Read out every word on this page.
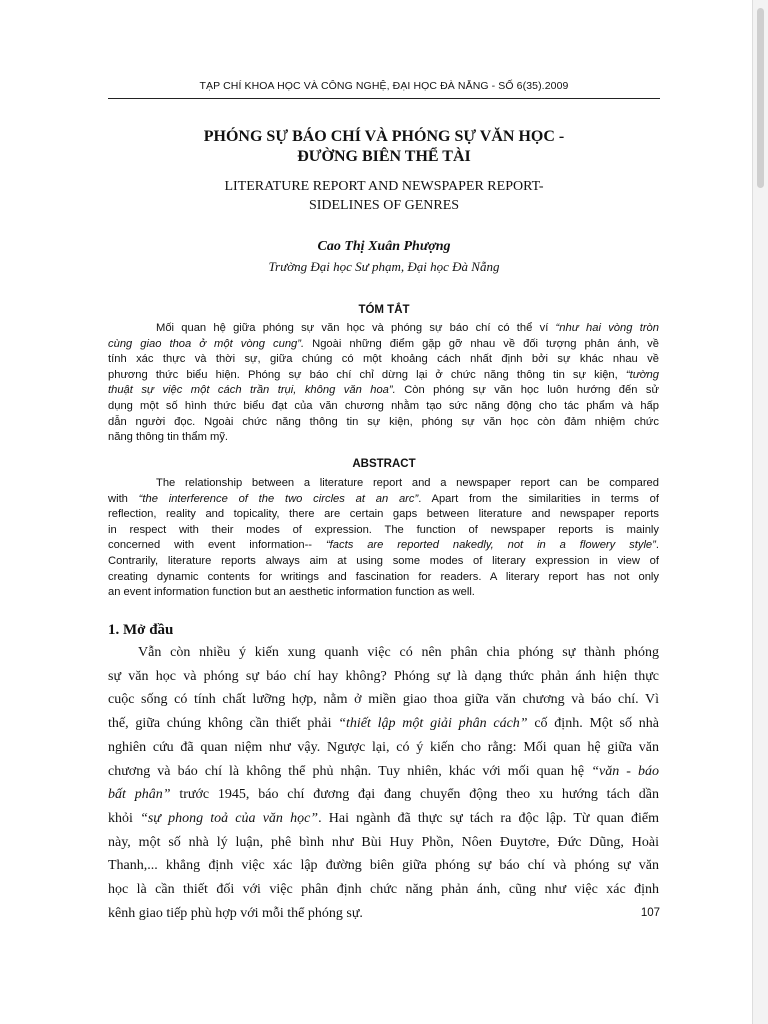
TẠP CHÍ KHOA HỌC VÀ CÔNG NGHỆ, ĐẠI HỌC ĐÀ NẴNG - SỐ 6(35).2009
PHÓNG SỰ BÁO CHÍ VÀ PHÓNG SỰ VĂN HỌC -
ĐƯỜNG BIÊN THỂ TÀI
LITERATURE REPORT AND NEWSPAPER REPORT-
SIDELINES OF GENRES
Cao Thị Xuân Phượng
Trường Đại học Sư phạm, Đại học Đà Nẵng
TÓM TẮT
Mối quan hệ giữa phóng sự văn học và phóng sự báo chí có thể ví “như hai vòng tròn
cùng giao thoa ở một vòng cung”. Ngoài những điểm gặp gỡ nhau về đối tượng phản ánh, về
tính xác thực và thời sự, giữa chúng có một khoảng cách nhất định bởi sự khác nhau về
phương thức biểu hiện. Phóng sự báo chí chỉ dừng lại ở chức năng thông tin sự kiện, “tường
thuật sự việc một cách trần trụi, không văn hoa”. Còn phóng sự văn học luôn hướng đến sử
dụng một số hình thức biểu đạt của văn chương nhằm tạo sức năng động cho tác phẩm và hấp
dẫn người đọc. Ngoài chức năng thông tin sự kiện, phóng sự văn học còn đảm nhiệm chức
năng thông tin thẩm mỹ.
ABSTRACT
The relationship between a literature report and a newspaper report can be compared
with “the interference of the two circles at an arc”. Apart from the similarities in terms of
reflection, reality and topicality, there are certain gaps between literature and newspaper reports
in respect with their modes of expression. The function of newspaper reports is mainly
concerned with event information-- “facts are reported nakedly, not in a flowery style”.
Contrarily, literature reports always aim at using some modes of literary expression in view of
creating dynamic contents for writings and fascination for readers. A literary report has not only
an event information function but an aesthetic information function as well.
1. Mở đầu
Vẫn còn nhiều ý kiến xung quanh việc có nên phân chia phóng sự thành phóng
sự văn học và phóng sự báo chí hay không? Phóng sự là dạng thức phản ánh hiện thực
cuộc sống có tính chất lưỡng hợp, nằm ở miền giao thoa giữa văn chương và báo chí. Vì
thế, giữa chúng không cần thiết phải “thiết lập một giải phân cách” cố định. Một số nhà
nghiên cứu đã quan niệm như vậy. Ngược lại, có ý kiến cho rằng: Mối quan hệ giữa văn
chương và báo chí là không thể phủ nhận. Tuy nhiên, khác với mối quan hệ “văn - báo
bất phân” trước 1945, báo chí đương đại đang chuyển động theo xu hướng tách dần
khỏi “sự phong toả của văn học”. Hai ngành đã thực sự tách ra độc lập. Từ quan điểm
này, một số nhà lý luận, phê bình như Bùi Huy Phồn, Nôen Đuytơre, Đức Dũng, Hoài
Thanh,... khẳng định việc xác lập đường biên giữa phóng sự báo chí và phóng sự văn
học là cần thiết đối với việc phân định chức năng phản ánh, cũng như việc xác định
kênh giao tiếp phù hợp với mỗi thể phóng sự.	107
